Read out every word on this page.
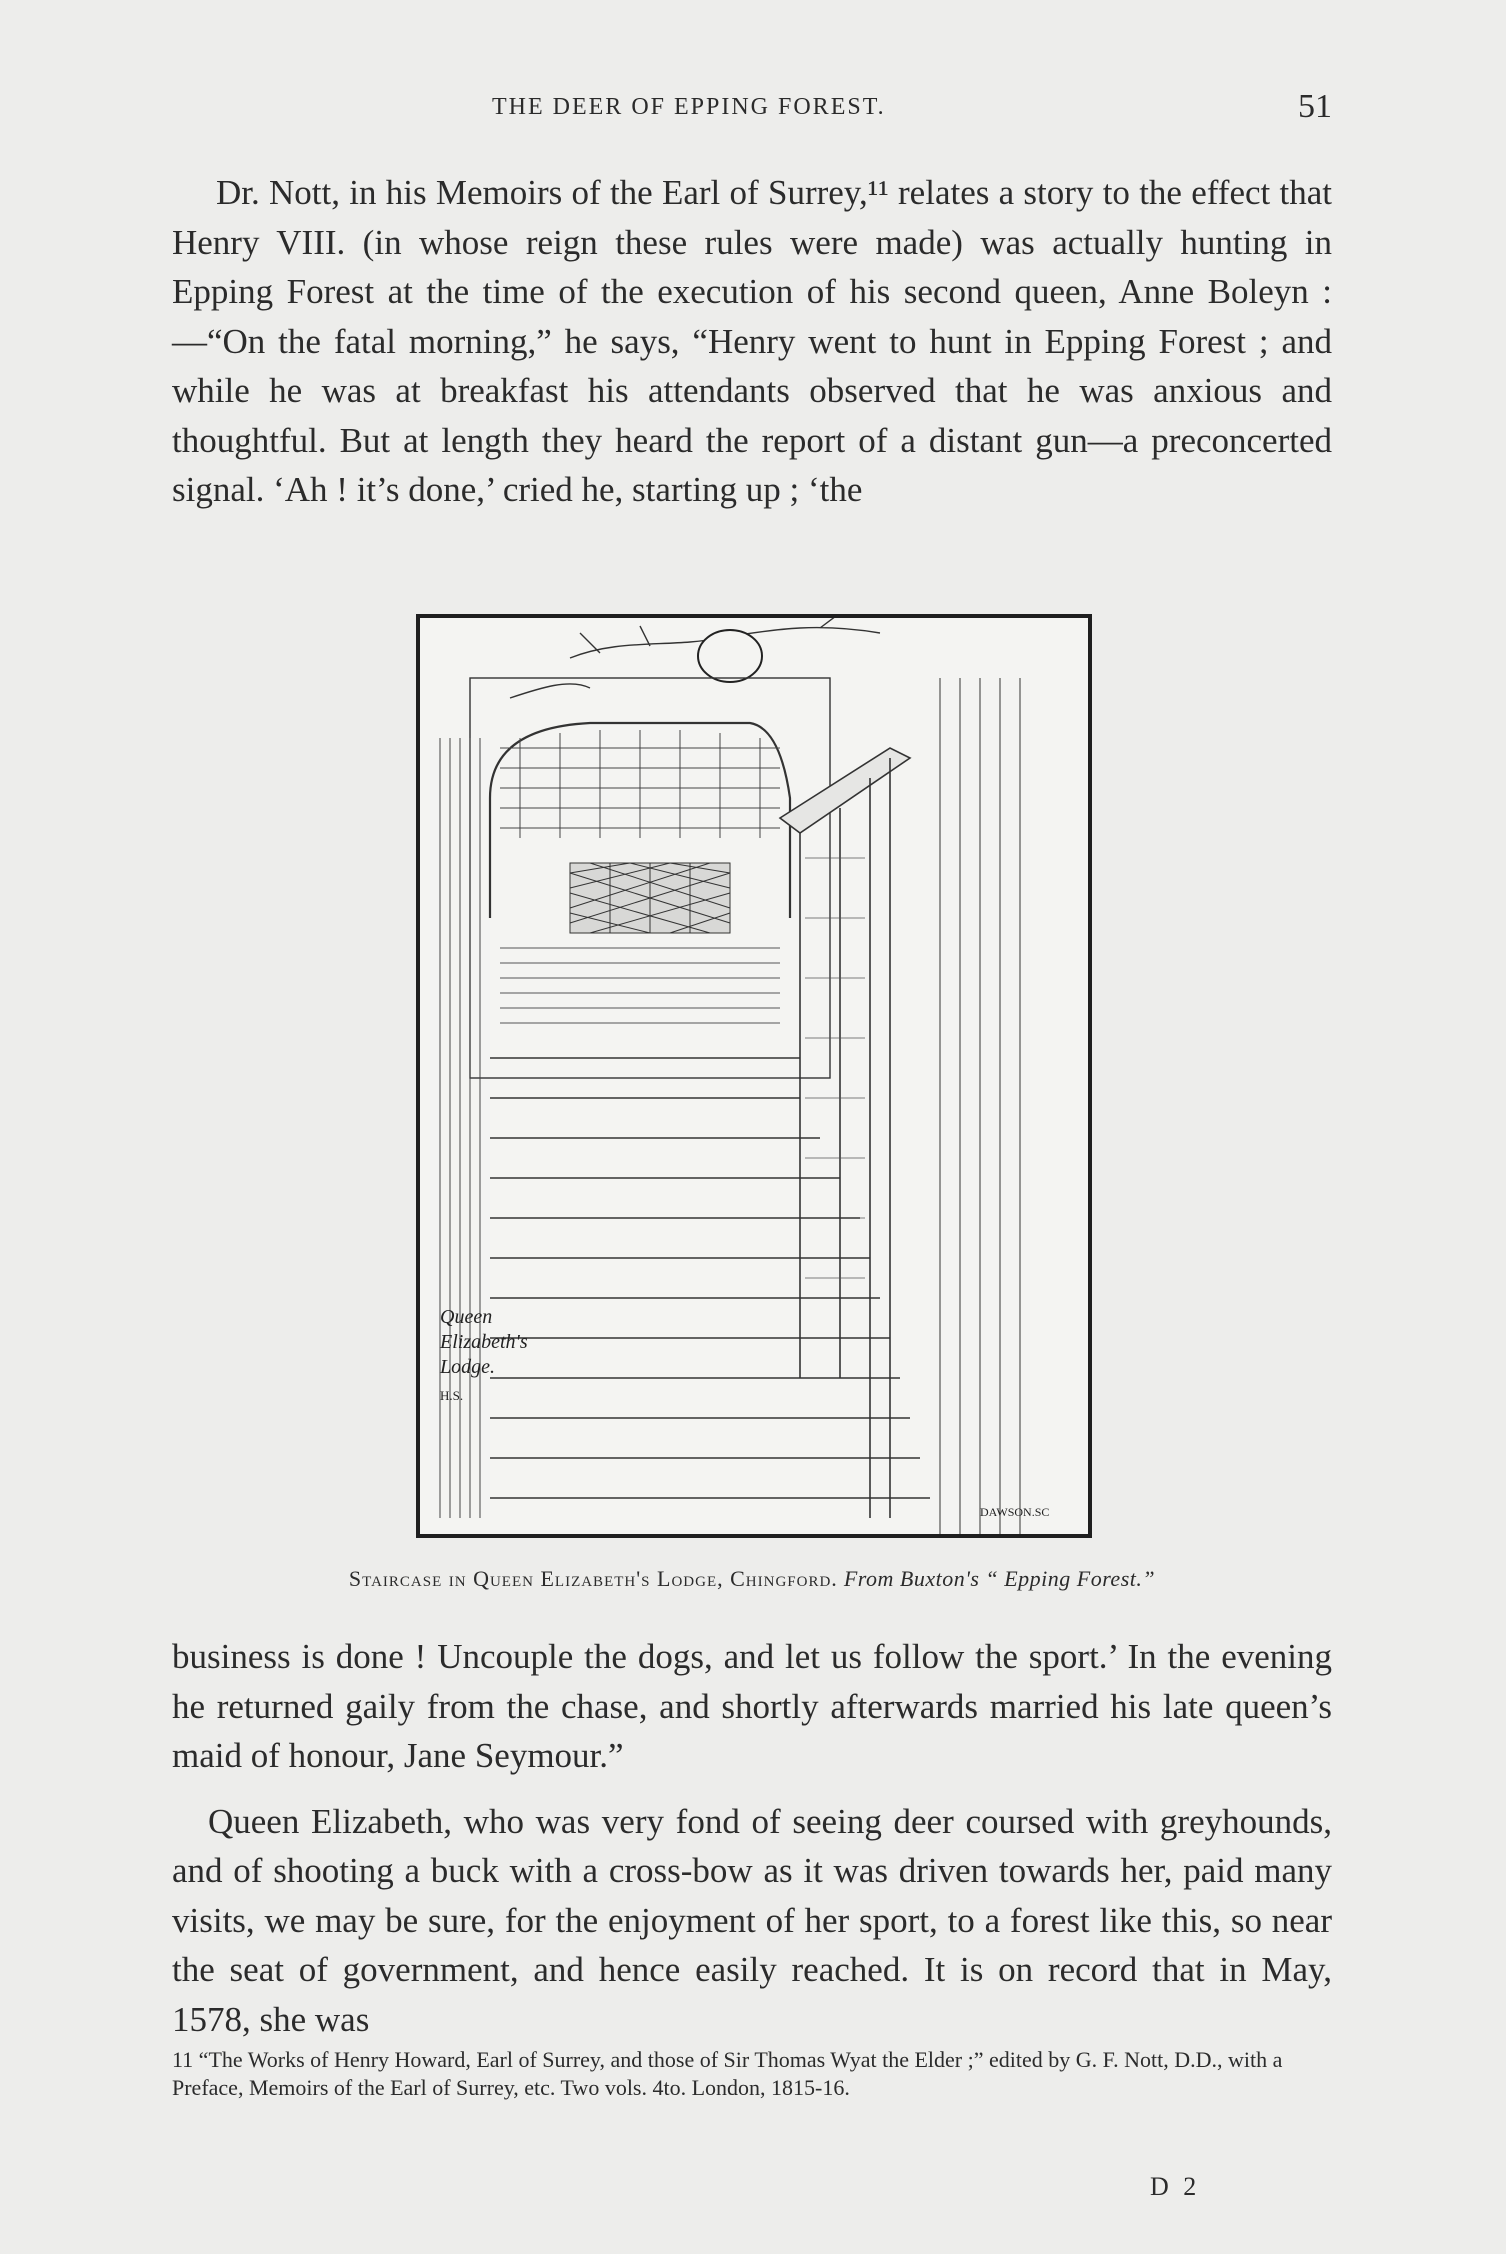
THE DEER OF EPPING FOREST.	51
Dr. Nott, in his Memoirs of the Earl of Surrey,¹¹ relates a story to the effect that Henry VIII. (in whose reign these rules were made) was actually hunting in Epping Forest at the time of the execution of his second queen, Anne Boleyn :—“On the fatal morning,” he says, “Henry went to hunt in Epping Forest ; and while he was at breakfast his attendants observed that he was anxious and thoughtful. But at length they heard the report of a distant gun—a preconcerted signal. ‘Ah ! it’s done,’ cried he, starting up ; ‘the
Queen
Elizabeth's
Lodge.
H.S.
DAWSON.SC
Staircase in Queen Elizabeth's Lodge, Chingford. From Buxton's “ Epping Forest.”

business is done ! Uncouple the dogs, and let us follow the sport.’ In the evening he returned gaily from the chase, and shortly afterwards married his late queen’s maid of honour, Jane Seymour.”

Queen Elizabeth, who was very fond of seeing deer coursed with greyhounds, and of shooting a buck with a cross-bow as it was driven towards her, paid many visits, we may be sure, for the enjoyment of her sport, to a forest like this, so near the seat of government, and hence easily reached. It is on record that in May, 1578, she was

11 “The Works of Henry Howard, Earl of Surrey, and those of Sir Thomas Wyat the Elder ;” edited by G. F. Nott, D.D., with a Preface, Memoirs of the Earl of Surrey, etc. Two vols. 4to. London, 1815-16.

D 2
